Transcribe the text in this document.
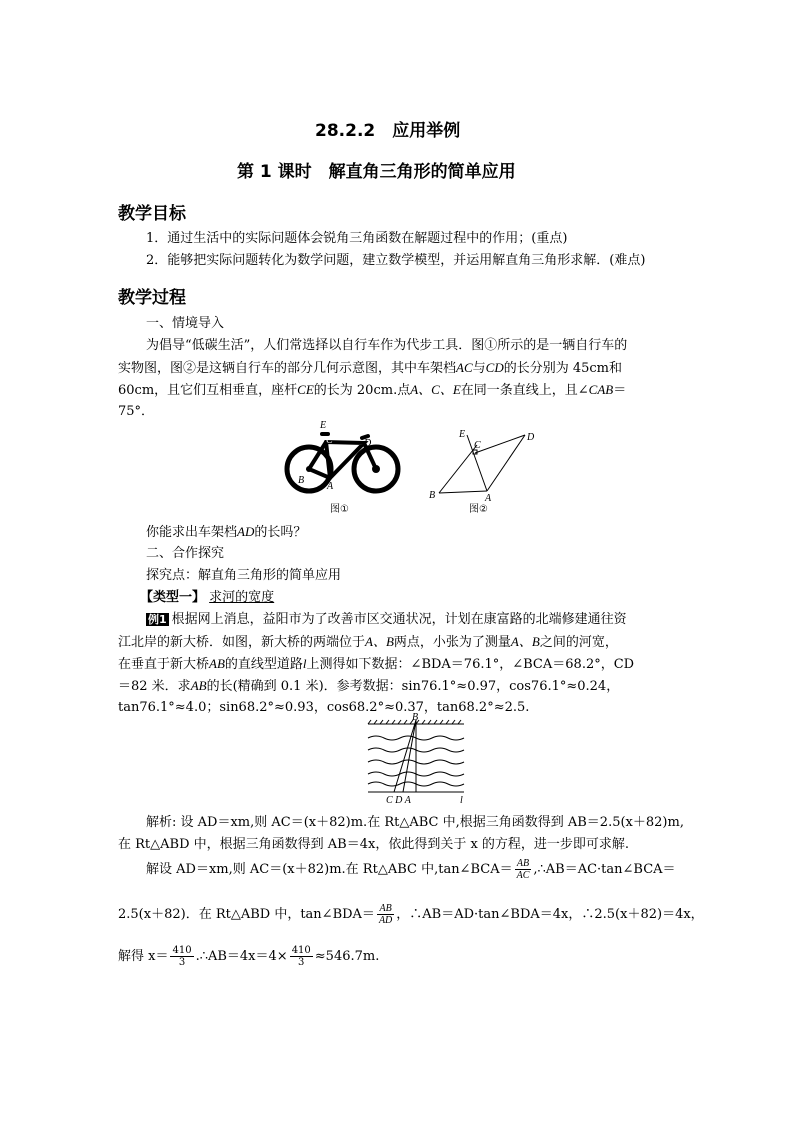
28.2.2　应用举例
第 1 课时　解直角三角形的简单应用
教学目标
1．通过生活中的实际问题体会锐角三角函数在解题过程中的作用；(重点)
2．能够把实际问题转化为数学问题，建立数学模型，并运用解直角三角形求解．(难点)
教学过程
一、情境导入
为倡导“低碳生活”，人们常选择以自行车作为代步工具．图①所示的是一辆自行车的
实物图，图②是这辆自行车的部分几何示意图，其中车架档AC与CD的长分别为 45cm和
60cm，且它们互相垂直，座杆CE的长为 20cm.点A、C、E在同一条直线上，且∠CAB＝
75°．
E
C	D
B
A
图①
E
C
D
B	A
图②
你能求出车架档AD的长吗？
二、合作探究
探究点：解直角三角形的简单应用
【类型一】 求河的宽度
例1 根据网上消息，益阳市为了改善市区交通状况，计划在康富路的北端修建通往资
江北岸的新大桥．如图，新大桥的两端位于A、B两点，小张为了测量A、B之间的河宽，
在垂直于新大桥AB的直线型道路l上测得如下数据：∠BDA＝76.1°，∠BCA＝68.2°，CD
＝82 米．求AB的长(精确到 0.1 米)．参考数据：sin76.1°≈0.97，cos76.1°≈0.24，
tan76.1°≈4.0；sin68.2°≈0.93，cos68.2°≈0.37，tan68.2°≈2.5.
B
C D A	l
解析: 设 AD＝xm,则 AC＝(x＋82)m.在 Rt△ABC 中,根据三角函数得到 AB＝2.5(x＋82)m,
在 Rt△ABD 中，根据三角函数得到 AB＝4x，依此得到关于 x 的方程，进一步即可求解.
解设 AD＝xm,则 AC＝(x＋82)m.在 Rt△ABC 中,tan∠BCA＝ $\frac{AB}{AC}$ ,∴AB＝AC·tan∠BCA＝
2.5(x＋82)．在 Rt△ABD 中，tan∠BDA＝ $\frac{AB}{AD}$ ，∴AB＝AD·tan∠BDA＝4x，∴2.5(x＋82)＝4x，
解得 $x= \frac{410}{3}$ .∴AB＝4x＝4× $\frac{410}{3} \approx 546.7m$.
